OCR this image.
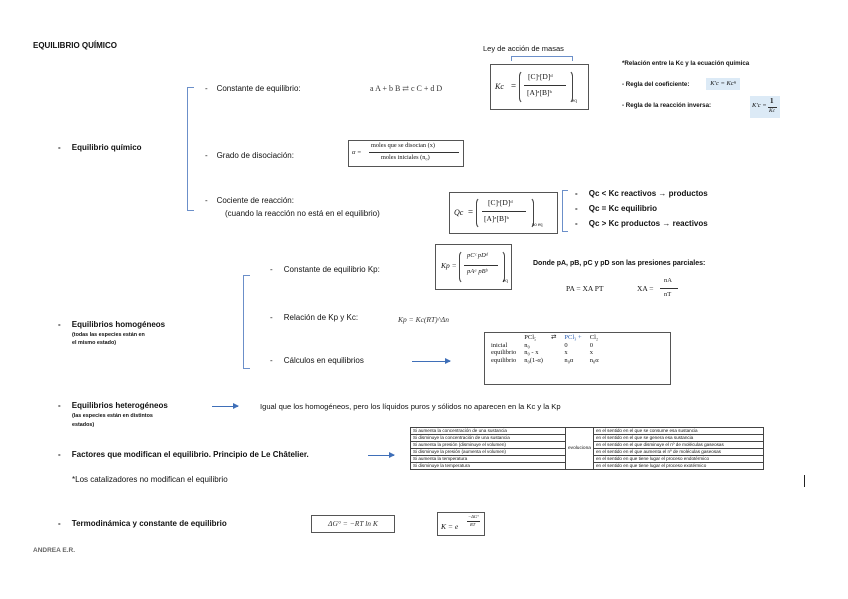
EQUILIBRIO QUÍMICO
-     Equilibrio químico
-    Constante de equilibrio:	a A + b B ⇄ c C + d D
Ley de acción de masas
Kc =
[C]ᶜ[D]ᵈ
[A]ᵃ[B]ᵇ
eq
*Relación entre la Kc y la ecuación química
- Regla del coeficiente:	K′c = Kcⁿ
- Regla de la reacción inversa:	K′c =
1
Kc
-    Grado de disociación:	α =
moles que se disocian (x)
moles iniciales (n₀)
-    Cociente de reacción:
(cuando la reacción no está en el equilibrio)	Qc =
[C]ᶜ[D]ᵈ
[A]ᵃ[B]ᵇ
no eq
-     Qc < Kc reactivos → productos
-     Qc = Kc equilibrio
-     Qc > Kc productos → reactivos
-     Equilibrios homogéneos
(todas las especies están en
el mismo estado)
-     Constante de equilibrio Kp:	Kp =
pCᶜ pDᵈ
pAᵃ pBᵇ
eq
Donde pA, pB, pC y pD son las presiones parciales:
PA = XA PT	XA =
nA
nT
-     Relación de Kp y Kc:	Kp = Kc(RT)^Δn
-     Cálculos en equilibrios
	PCl₅	⇄	PCl₃ +	Cl₂
inicial	n₀		0	0
equilibrio	n₀ - x		x	x
equilibrio	n₀(1-α)		n₀α	n₀α
-     Equilibrios heterogéneos
(las especies están en distintos
estados)
Igual que los homogéneos, pero los líquidos puros y sólidos no aparecen en la Kc y la Kp
-     Factores que modifican el equilibrio. Principio de Le Châtelier.
*Los catalizadores no modifican el equilibrio
Si aumenta la concentración de una sustancia	evoluciona	en el sentido en el que se consume esa sustancia
Si disminuye la concentración de una sustancia		en el sentido en el que se genera esa sustancia
Si aumenta la presión (disminuye el volumen)		en el sentido en el que disminuye el nº de moléculas gaseosas
Si disminuye la presión (aumenta el volumen)		en el sentido en el que aumenta el nº de moléculas gaseosas
Si aumenta la temperatura		en el sentido en que tiene lugar el proceso endotérmico
Si disminuye la temperatura		en el sentido en que tiene lugar el proceso exotérmico
-     Termodinámica y constante de equilibrio	ΔG° = −RT ln K	K = e
−ΔG°
RT
ANDREA E.R.
